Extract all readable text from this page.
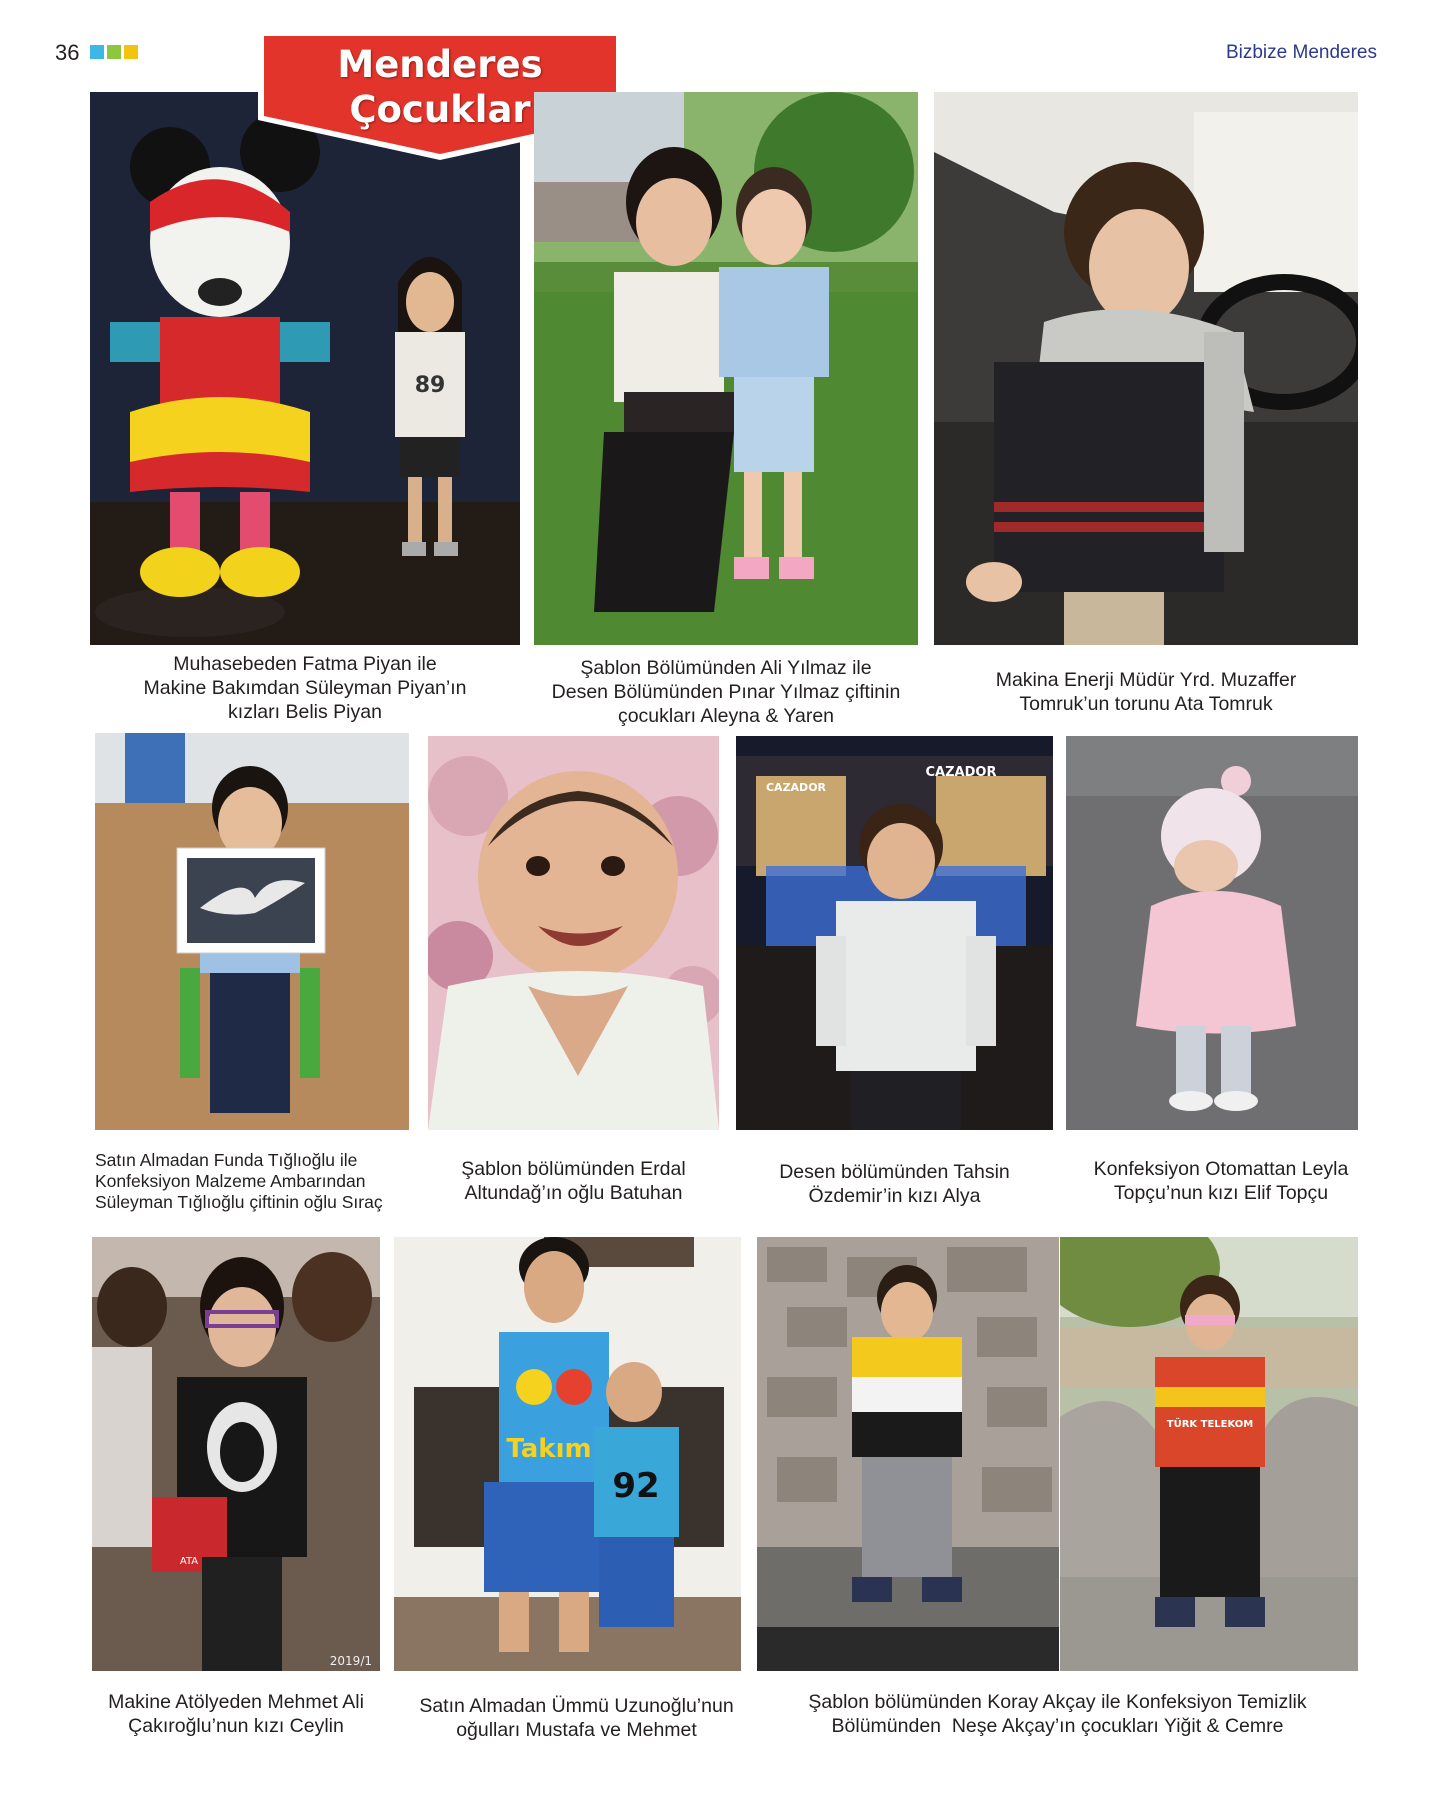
36	Bizbize Menderes
89
Menderes
Çocuklar
Muhasebeden Fatma Piyan ile
Makine Bakımdan Süleyman Piyan’ın
kızları Belis Piyan
Şablon Bölümünden Ali Yılmaz ile
Desen Bölümünden Pınar Yılmaz çiftinin
çocukları Aleyna & Yaren
Makina Enerji Müdür Yrd. Muzaffer
Tomruk’un torunu Ata Tomruk
CAZADOR
CAZADOR
Satın Almadan Funda Tığlıoğlu ile
Konfeksiyon Malzeme Ambarından
Süleyman Tığlıoğlu çiftinin oğlu Sıraç
Şablon bölümünden Erdal
Altundağ’ın oğlu Batuhan
Desen bölümünden Tahsin
Özdemir’in kızı Alya
Konfeksiyon Otomattan Leyla
Topçu’nun kızı Elif Topçu
ATA
2019/1
Takım
92
TÜRK TELEKOM
Makine Atölyeden Mehmet Ali
Çakıroğlu’nun kızı Ceylin
Satın Almadan Ümmü Uzunoğlu’nun
oğulları Mustafa ve Mehmet
Şablon bölümünden Koray Akçay ile Konfeksiyon Temizlik
Bölümünden  Neşe Akçay’ın çocukları Yiğit & Cemre
